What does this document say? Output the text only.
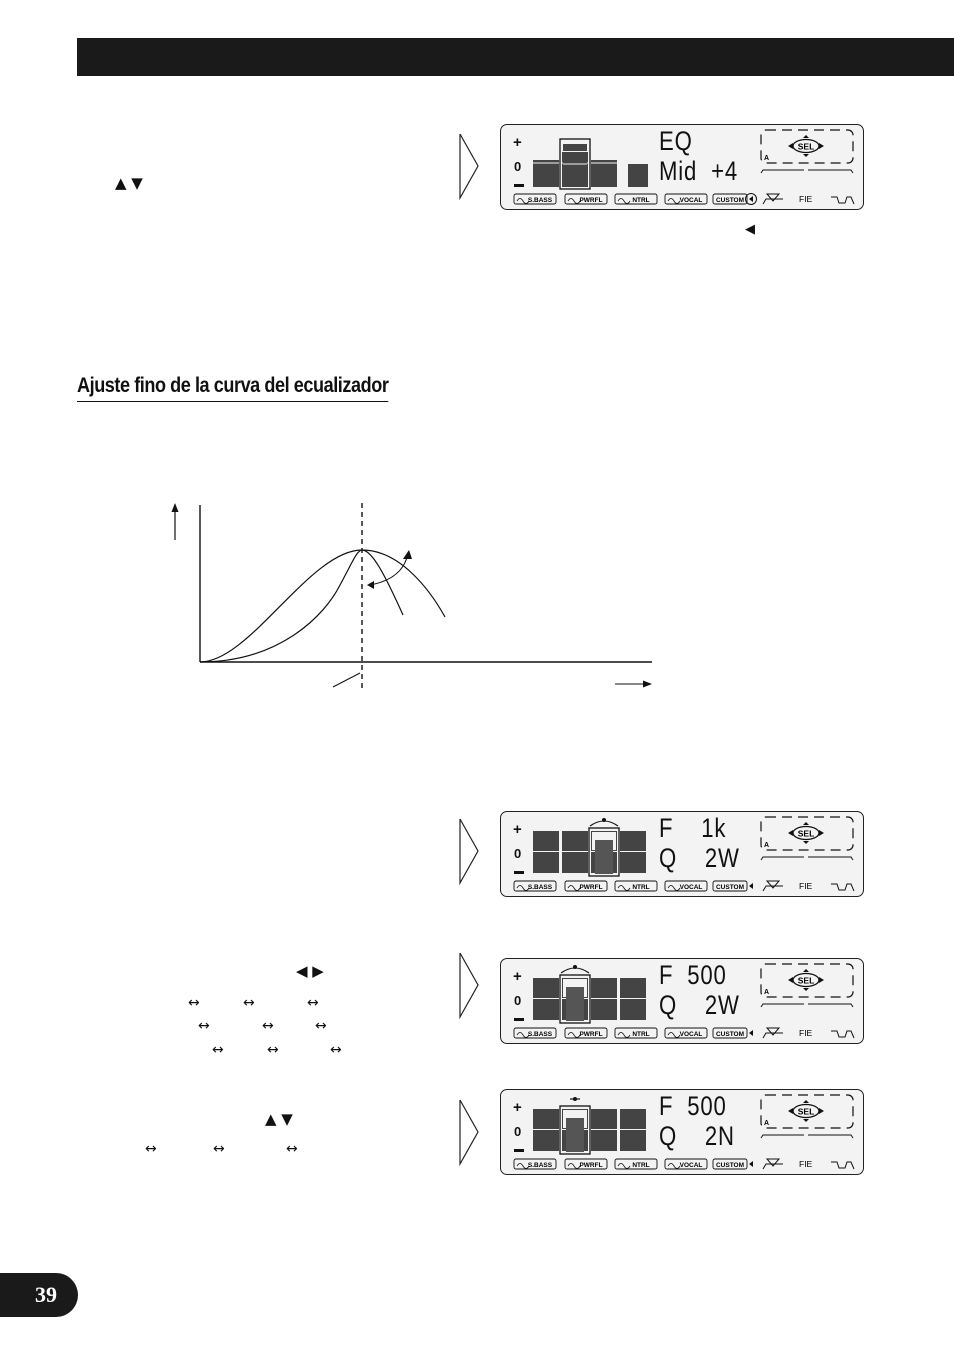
▲ ▼
+
0
SEL
A
S.BASS	PWRFL	NTRL	VOCAL CUSTOM	FIE
EQ
Mid  +4
◀
Ajuste fino de la curva del ecualizador
+
0
SEL
A
S.BASS	PWRFL	NTRL	VOCAL CUSTOM	FIE
F    1k
Q    2W
◀ ▶
↔	↔	↔
↔	↔	↔
↔	↔	↔
+
0
SEL
A
S.BASS	PWRFL	NTRL	VOCAL CUSTOM	FIE
F  500
Q    2W
▲ ▼
↔	↔	↔
+
0
SEL
A
S.BASS	PWRFL	NTRL	VOCAL CUSTOM	FIE
F  500
Q    2N
39
